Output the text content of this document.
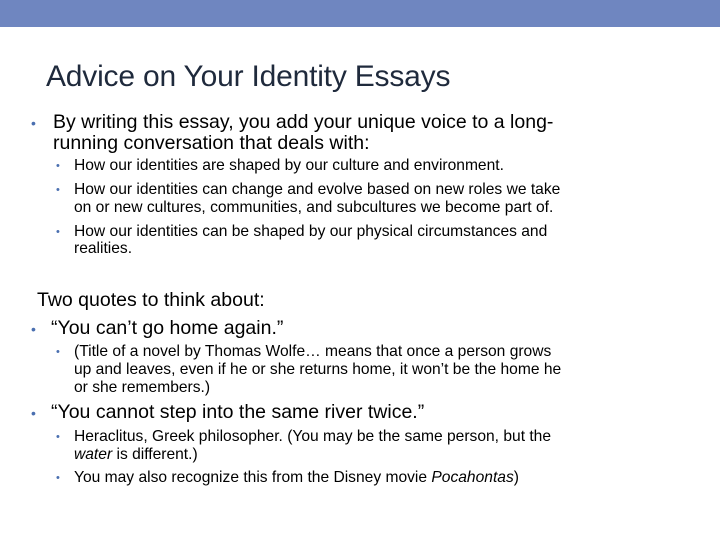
Advice on Your Identity Essays
• By writing this essay, you add your unique voice to a long-
running conversation that deals with:
• How our identities are shaped by our culture and environment.
• How our identities can change and evolve based on new roles we take
on or new cultures, communities, and subcultures we become part of.
• How our identities can be shaped by our physical circumstances and
realities.
Two quotes to think about:
• “You can’t go home again.”
• (Title of a novel by Thomas Wolfe… means that once a person grows
up and leaves, even if he or she returns home, it won’t be the home he
or she remembers.)
• “You cannot step into the same river twice.”
• Heraclitus, Greek philosopher. (You may be the same person, but the
water is different.)
• You may also recognize this from the Disney movie Pocahontas)
